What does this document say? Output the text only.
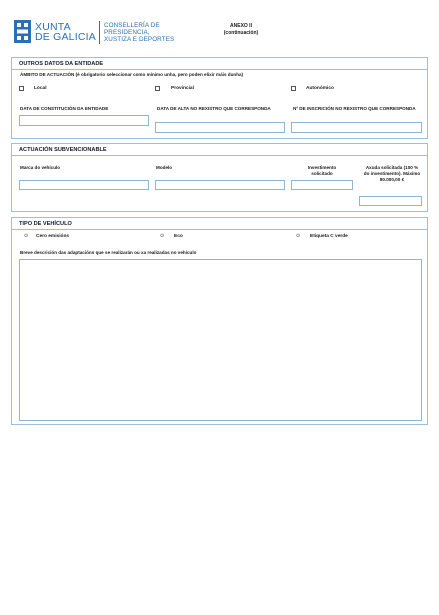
XUNTA
DE GALICIA
CONSELLERÍA DE
PRESIDENCIA,
XUSTIZA E DEPORTES
ANEXO II
(continuación)
OUTROS DATOS DA ENTIDADE
ÁMBITO DE ACTUACIÓN (é obrigatorio seleccionar como mínimo unha, pero poden elixir máis dunha)
Local	Provincial	Autonómico
DATA DE CONSTITUCIÓN DA ENTIDADE	DATA DE ALTA NO REXISTRO QUE CORRESPONDA	Nº DE INSCRICIÓN NO REXISTRO QUE CORRESPONDA
ACTUACIÓN SUBVENCIONABLE
Marca do vehículo	Modelo	Investimento solicitado
Axuda solicitada (100 % do investimento). Máximo 80.000,00 €
TIPO DE VEHÍCULO
⊙ Cero emisións	⊙ Eco	⊙ Etiqueta C verde
Breve descrición das adaptacións que se realizarán ou xa realizadas no vehículo
